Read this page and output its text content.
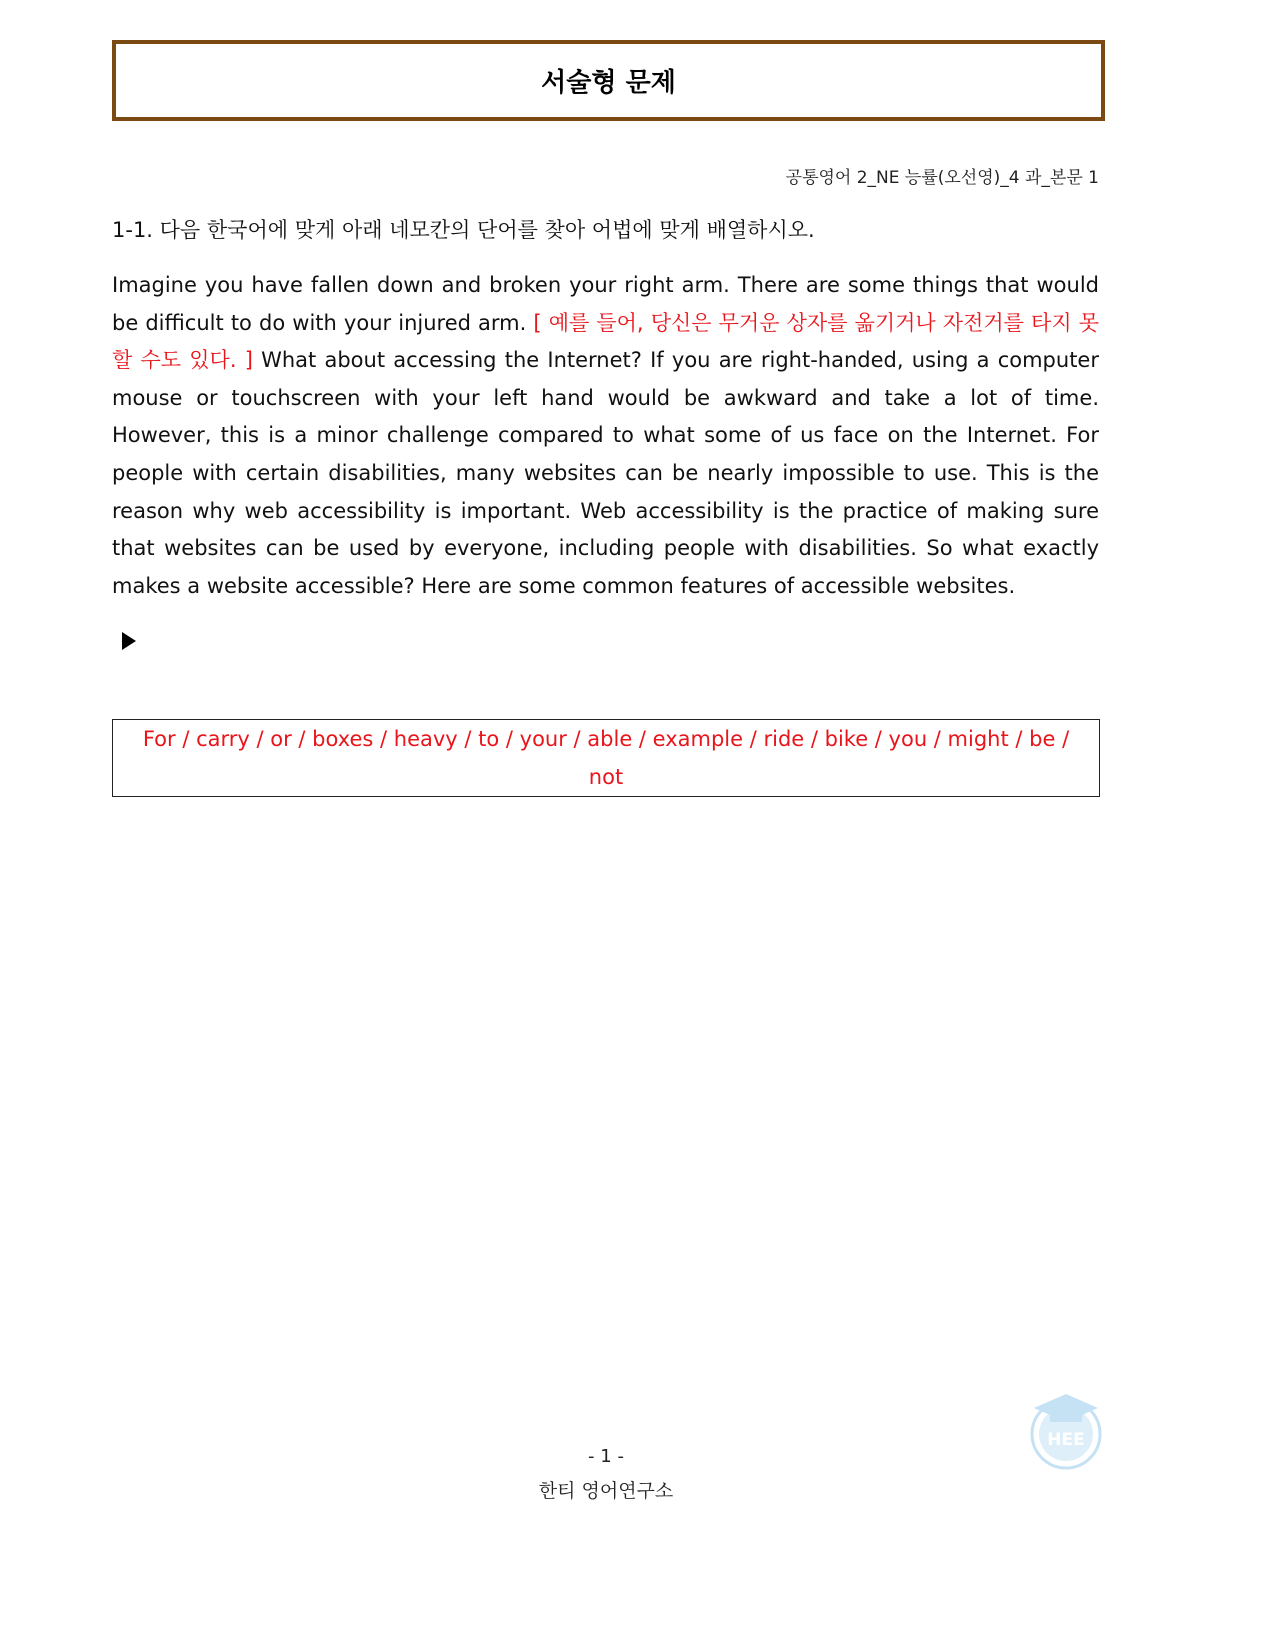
서술형 문제
공통영어 2_NE 능률(오선영)_4 과_본문 1
1-1. 다음 한국어에 맞게 아래 네모칸의 단어를 찾아 어법에 맞게 배열하시오.
Imagine you have fallen down and broken your right arm. There are some things that would be difficult to do with your injured arm. [ 예를 들어, 당신은 무거운 상자를 옮기거나 자전거를 타지 못할 수도 있다. ] What about accessing the Internet? If you are right-handed, using a computer mouse or touchscreen with your left hand would be awkward and take a lot of time. However, this is a minor challenge compared to what some of us face on the Internet. For people with certain disabilities, many websites can be nearly impossible to use. This is the reason why web accessibility is important. Web accessibility is the practice of making sure that websites can be used by everyone, including people with disabilities. So what exactly makes a website accessible? Here are some common features of accessible websites.
For / carry / or / boxes / heavy / to / your / able / example / ride / bike / you / might / be / not
- 1 -
한티 영어연구소
HEE
